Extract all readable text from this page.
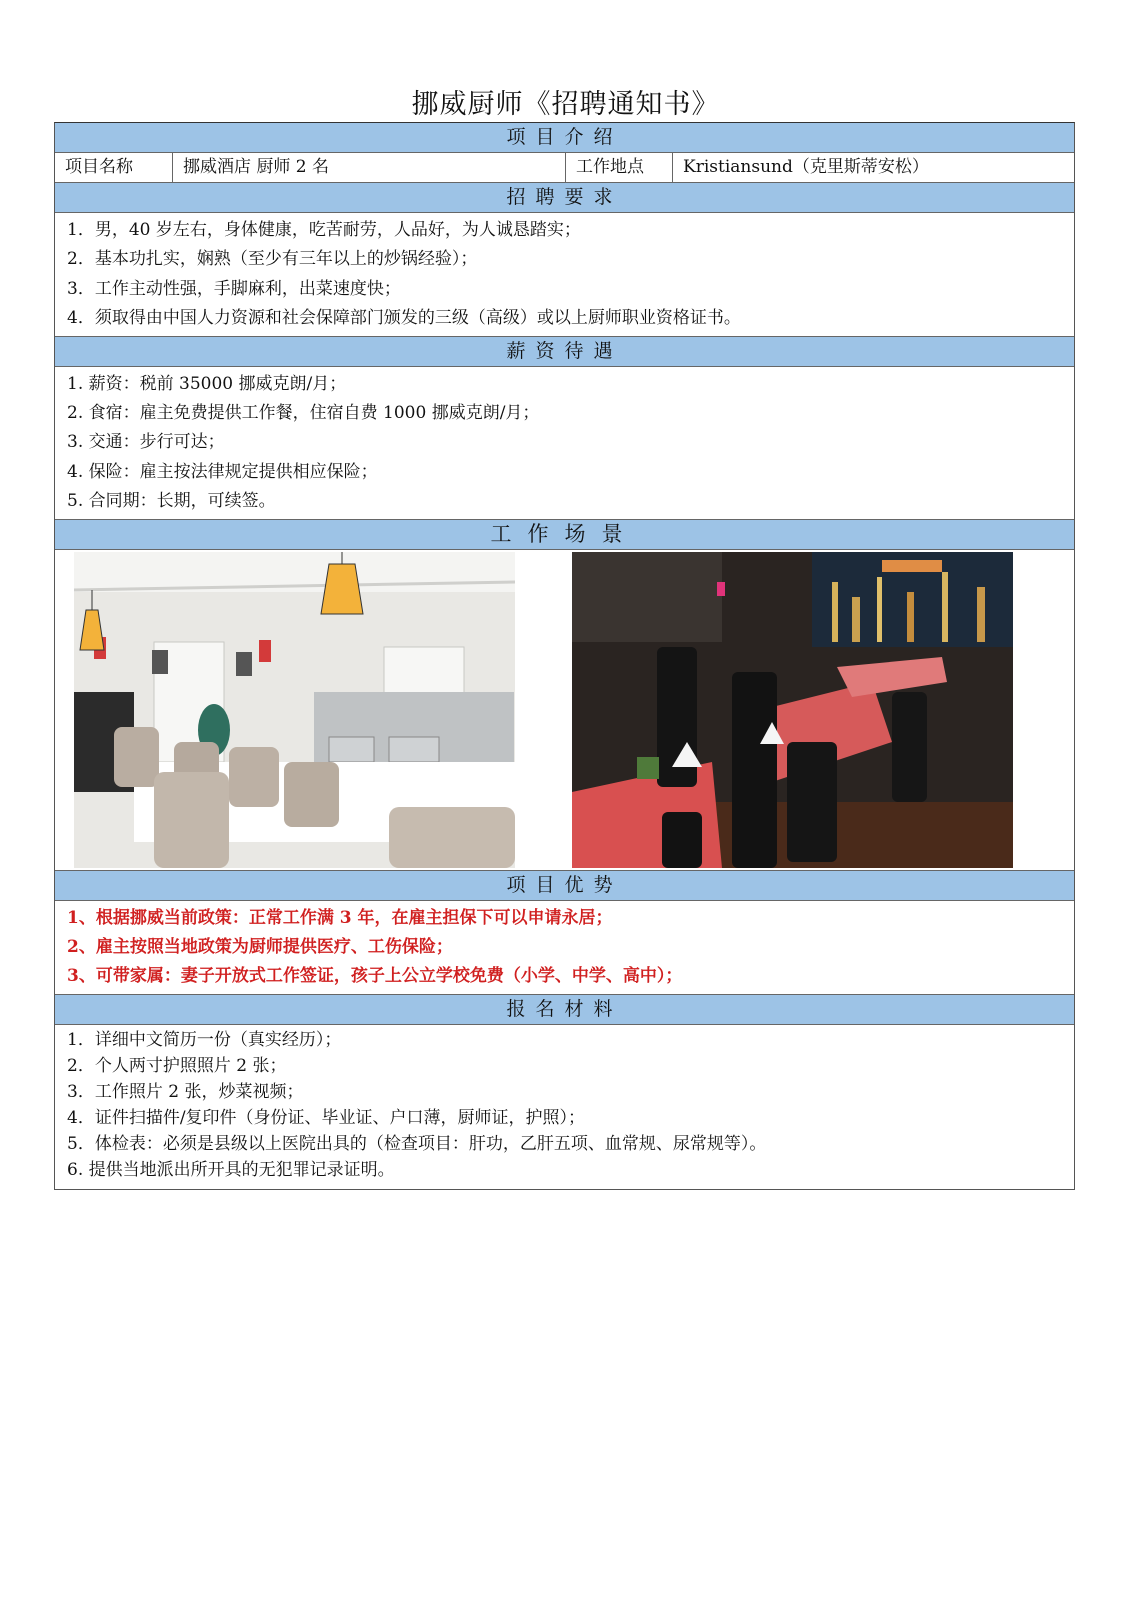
挪威厨师《招聘通知书》
项目介绍
项目名称	挪威酒店 厨师 2 名	工作地点	Kristiansund（克里斯蒂安松）
招聘要求
1．男，40 岁左右，身体健康，吃苦耐劳，人品好，为人诚恳踏实；
2．基本功扎实，娴熟（至少有三年以上的炒锅经验）；
3．工作主动性强，手脚麻利，出菜速度快；
4．须取得由中国人力资源和社会保障部门颁发的三级（高级）或以上厨师职业资格证书。
薪资待遇
1. 薪资：税前 35000 挪威克朗/月；
2. 食宿：雇主免费提供工作餐，住宿自费 1000 挪威克朗/月；
3. 交通：步行可达；
4. 保险：雇主按法律规定提供相应保险；
5. 合同期：长期，可续签。
工作场景
项目优势
1、根据挪威当前政策：正常工作满 3 年，在雇主担保下可以申请永居；
2、雇主按照当地政策为厨师提供医疗、工伤保险；
3、可带家属：妻子开放式工作签证，孩子上公立学校免费（小学、中学、高中）；
报名材料
1．详细中文简历一份（真实经历）；
2．个人两寸护照照片 2 张；
3．工作照片 2 张，炒菜视频；
4．证件扫描件/复印件（身份证、毕业证、户口薄，厨师证，护照）；
5．体检表：必须是县级以上医院出具的（检查项目：肝功，乙肝五项、血常规、尿常规等）。
6. 提供当地派出所开具的无犯罪记录证明。
